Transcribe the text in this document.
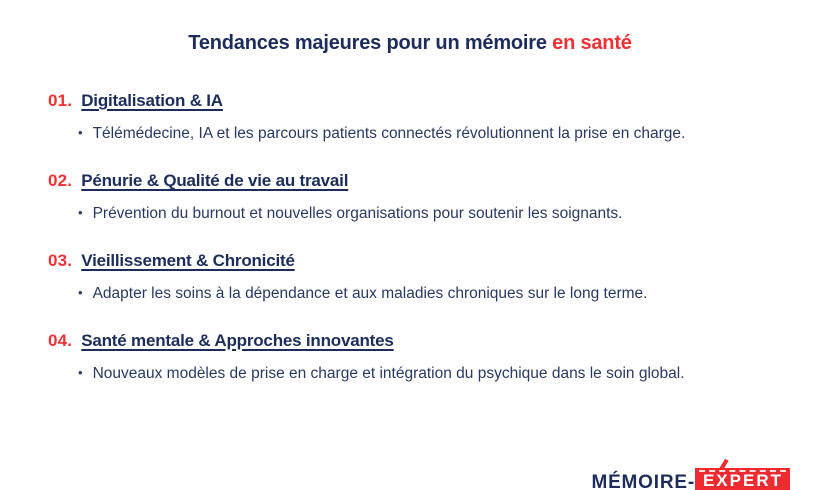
Tendances majeures pour un mémoire en santé
01. Digitalisation & IA
• Télémédecine, IA et les parcours patients connectés révolutionnent la prise en charge.
02. Pénurie & Qualité de vie au travail
• Prévention du burnout et nouvelles organisations pour soutenir les soignants.
03. Vieillissement & Chronicité
• Adapter les soins à la dépendance et aux maladies chroniques sur le long terme.
04. Santé mentale & Approches innovantes
• Nouveaux modèles de prise en charge et intégration du psychique dans le soin global.
MÉMOIRE- EXPERT
